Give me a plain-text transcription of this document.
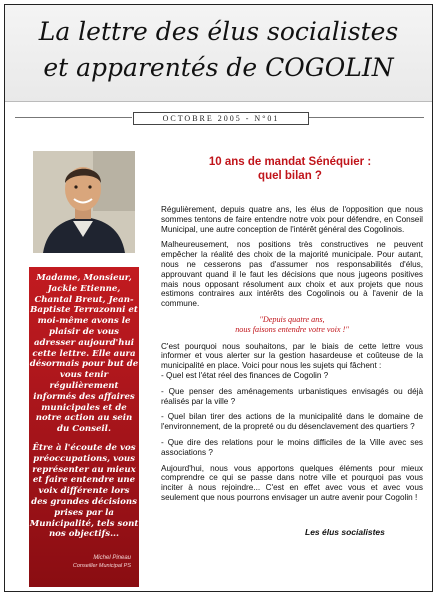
La lettre des élus socialistes
et apparentés de COGOLIN
OCTOBRE 2005 - N°01

Madame, Monsieur, Jackie Etienne, Chantal Breut, Jean-Baptiste Terrazonni et moi-même avons le plaisir de vous adresser aujourd'hui cette lettre. Elle aura désormais pour but de vous tenir régulièrement informés des affaires municipales et de notre action au sein du Conseil.

Être à l'écoute de vos préoccupations, vous représenter au mieux et faire entendre une voix différente lors des grandes décisions prises par la Municipalité, tels sont nos objectifs...

Michel Pineau
Conseiller Municipal PS
10 ans de mandat Sénéquier :
quel bilan ?

Régulièrement, depuis quatre ans, les élus de l'opposition que nous sommes tentons de faire entendre notre voix pour défendre, en Conseil Municipal, une autre conception de l'intérêt général des Cogolinois.

Malheureusement, nos positions très constructives ne peuvent empêcher la réalité des choix de la majorité municipale. Pour autant, nous ne cesserons pas d'assumer nos responsabilités d'élus, approuvant quand il le faut les décisions que nous jugeons positives mais nous opposant résolument aux choix et aux projets que nous estimons contraires aux intérêts des Cogolinois ou à l'avenir de la commune.

"Depuis quatre ans,
nous faisons entendre votre voix !"

C'est pourquoi nous souhaitons, par le biais de cette lettre vous informer et vous alerter sur la gestion hasardeuse et coûteuse de la municipalité en place. Voici pour nous les sujets qui fâchent :

- Quel est l'état réel des finances de Cogolin ?

- Que penser des aménagements urbanistiques envisagés ou déjà réalisés par la ville ?

- Quel bilan tirer des actions de la municipalité dans le domaine de l'environnement, de la propreté ou du désenclavement des quartiers ?

- Que dire des relations pour le moins difficiles de la Ville avec ses associations ?

Aujourd'hui, nous vous apportons quelques éléments pour mieux comprendre ce qui se passe dans notre ville et pourquoi pas vous inciter à nous rejoindre... C'est en effet avec vous et avec vous seulement que nous pourrons envisager un autre avenir pour Cogolin !

Les élus socialistes
